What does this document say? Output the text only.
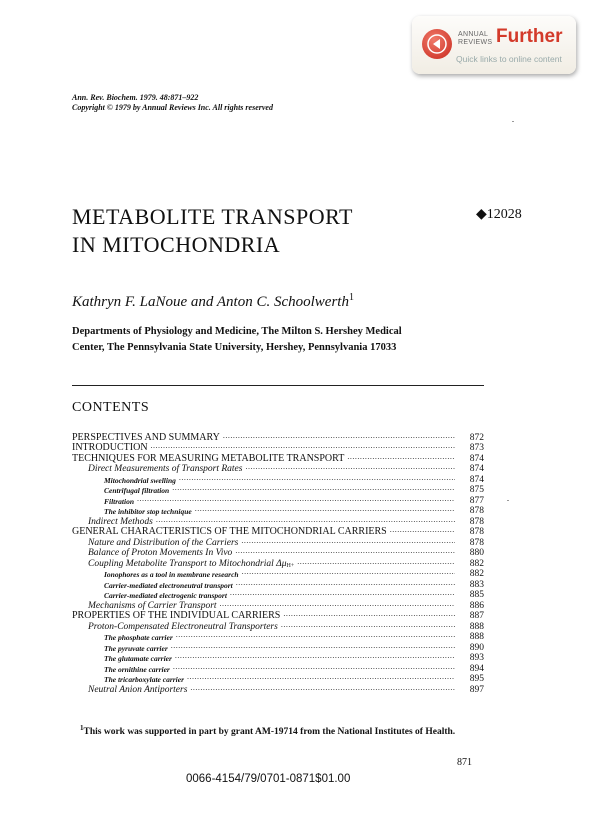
ANNUAL
REVIEWS Further
Quick links to online content
Ann. Rev. Biochem. 1979. 48:871–922
Copyright © 1979 by Annual Reviews Inc. All rights reserved
METABOLITE TRANSPORT
IN MITOCHONDRIA
◆12028
Kathryn F. LaNoue and Anton C. Schoolwerth$^1$
Departments of Physiology and Medicine, The Milton S. Hershey Medical
Center, The Pennsylvania State University, Hershey, Pennsylvania 17033
CONTENTS
PERSPECTIVES AND SUMMARY .....	872
INTRODUCTION .....	873
TECHNIQUES FOR MEASURING METABOLITE TRANSPORT .....	874
Direct Measurements of Transport Rates .....	874
Mitochondrial swelling .....	874
Centrifugal filtration .....	875
Filtration .....	877
The inhibitor stop technique .....	878
Indirect Methods .....	878
GENERAL CHARACTERISTICS OF THE MITOCHONDRIAL CARRIERS .....	878
Nature and Distribution of the Carriers .....	878
Balance of Proton Movements In Vivo .....	880
Coupling Metabolite Transport to Mitochondrial Δμ H+ .....	882
Ionophores as a tool in membrane research .....	882
Carrier-mediated electroneutral transport .....	883
Carrier-mediated electrogenic transport .....	885
Mechanisms of Carrier Transport .....	886
PROPERTIES OF THE INDIVIDUAL CARRIERS .....	887
Proton-Compensated Electroneutral Transporters .....	888
The phosphate carrier .....	888
The pyruvate carrier .....	890
The glutamate carrier .....	893
The ornithine carrier .....	894
The tricarboxylate carrier .....	895
Neutral Anion Antiporters .....	897
$^1$This work was supported in part by grant AM-19714 from the National Institutes of Health.
871
0066-4154/79/0701-0871$01.00
